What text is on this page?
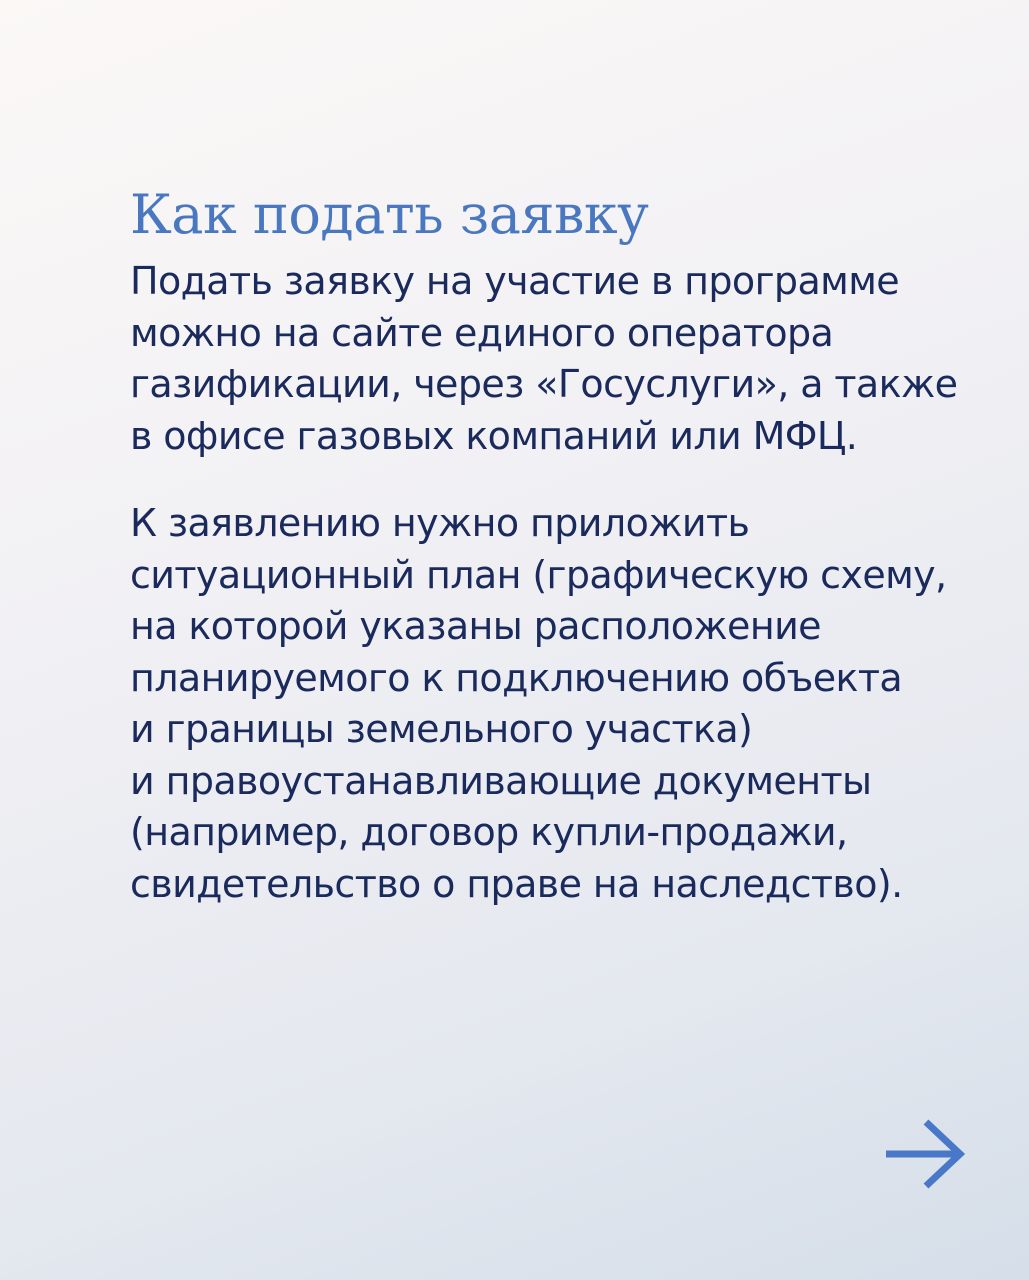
Как подать заявку

Подать заявку на участие в программе
можно на сайте единого оператора
газификации, через «Госуслуги», а также
в офисе газовых компаний или МФЦ.

К заявлению нужно приложить
ситуационный план (графическую схему,
на которой указаны расположение
планируемого к подключению объекта
и границы земельного участка)
и правоустанавливающие документы
(например, договор купли-продажи,
свидетельство о праве на наследство).
